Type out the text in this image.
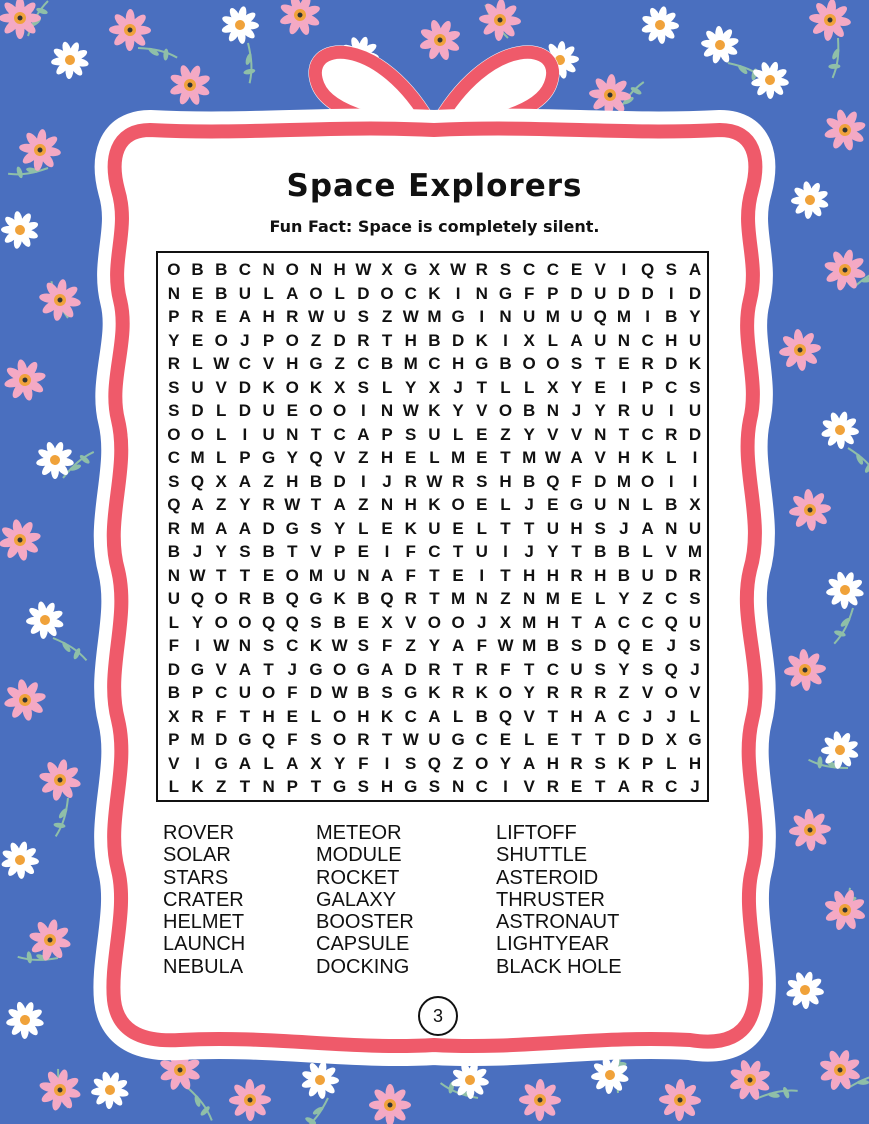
Space Explorers
Fun Fact: Space is completely silent.
O B B C N O N H W X G X W R S C C E V I Q S A
N E B U L A O L D O C K I N G F P D U D D I D
P R E A H R W U S Z W M G I N U M U Q M I B Y
Y E O J P O Z D R T H B D K I X L A U N C H U
R L W C V H G Z C B M C H G B O O S T E R D K
S U V D K O K X S L Y X J T L L X Y E I P C S
S D L D U E O O I N W K Y V O B N J Y R U I U
O O L I U N T C A P S U L E Z Y V V N T C R D
C M L P G Y Q V Z H E L M E T M W A V H K L I
S Q X A Z H B D I J R W R S H B Q F D M O I	I
Q A Z Y R W T A Z N H K O E L J E G U N L B X
R M A A D G S Y L E K U E L T T U H S J A N U
B J Y S B T V P E I F C T U I J Y T B B L V M
N W T T E O M U N A F T E I T H H R H B U D R
U Q O R B Q G K B Q R T M N Z N M E L Y Z C S
L Y O O Q Q S B E X V O O J X M H T A C C Q U
F I W N S C K W S F Z Y A F W M B S D Q E J S
D G V A T J G O G A D R T R F T C U S Y S Q J
B P C U O F D W B S G K R K O Y R R R Z V O V
X R F T H E L O H K C A L B Q V T H A C J J L
P M D G Q F S O R T W U G C E L E T T D D X G
V I G A L A X Y F I S Q Z O Y A H R S K P L H
L K Z T N P T G S H G S N C I V R E T A R C J
ROVER
SOLAR
STARS
CRATER
HELMET
LAUNCH
NEBULA
METEOR
MODULE
ROCKET
GALAXY
BOOSTER
CAPSULE
DOCKING
LIFTOFF
SHUTTLE
ASTEROID
THRUSTER
ASTRONAUT
LIGHTYEAR
BLACK HOLE
3
